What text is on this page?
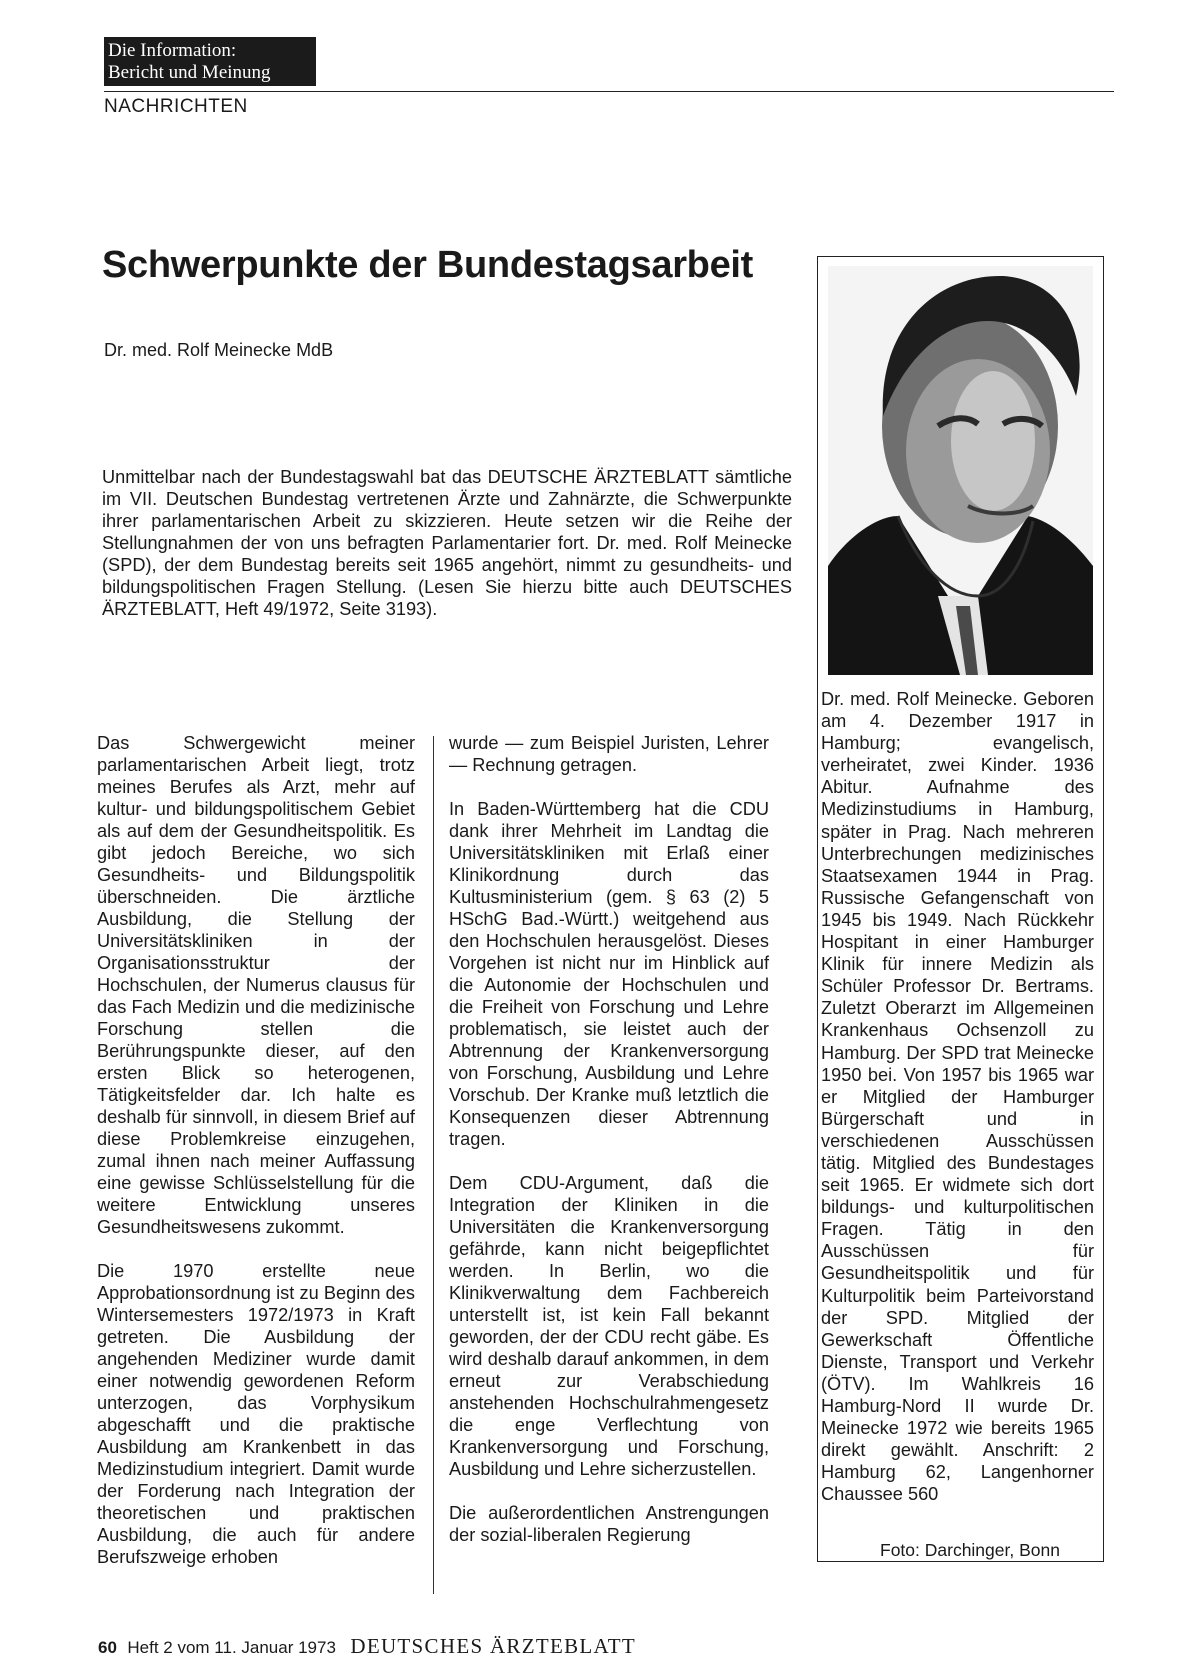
Die Information:
Bericht und Meinung
NACHRICHTEN
Schwerpunkte der Bundestagsarbeit
Dr. med. Rolf Meinecke MdB

Unmittelbar nach der Bundestagswahl bat das DEUTSCHE ÄRZTEBLATT sämtliche im VII. Deutschen Bundestag vertretenen Ärzte und Zahnärzte, die Schwerpunkte ihrer parlamentarischen Arbeit zu skizzieren. Heute setzen wir die Reihe der Stellungnahmen der von uns befragten Parlamentarier fort. Dr. med. Rolf Meinecke (SPD), der dem Bundestag bereits seit 1965 angehört, nimmt zu gesundheits- und bildungspolitischen Fragen Stellung. (Lesen Sie hierzu bitte auch DEUTSCHES ÄRZTEBLATT, Heft 49/1972, Seite 3193).

Das Schwergewicht meiner parlamentarischen Arbeit liegt, trotz meines Berufes als Arzt, mehr auf kultur- und bildungspolitischem Gebiet als auf dem der Gesundheitspolitik. Es gibt jedoch Bereiche, wo sich Gesundheits- und Bildungspolitik überschneiden. Die ärztliche Ausbildung, die Stellung der Universitätskliniken in der Organisationsstruktur der Hochschulen, der Numerus clausus für das Fach Medizin und die medizinische Forschung stellen die Berührungspunkte dieser, auf den ersten Blick so heterogenen, Tätigkeitsfelder dar. Ich halte es deshalb für sinnvoll, in diesem Brief auf diese Problemkreise einzugehen, zumal ihnen nach meiner Auffassung eine gewisse Schlüsselstellung für die weitere Entwicklung unseres Gesundheitswesens zukommt.

Die 1970 erstellte neue Approbationsordnung ist zu Beginn des Wintersemesters 1972/1973 in Kraft getreten. Die Ausbildung der angehenden Mediziner wurde damit einer notwendig gewordenen Reform unterzogen, das Vorphysikum abgeschafft und die praktische Ausbildung am Krankenbett in das Medizinstudium integriert. Damit wurde der Forderung nach Integration der theoretischen und praktischen Ausbildung, die auch für andere Berufszweige erhoben

wurde — zum Beispiel Juristen, Lehrer — Rechnung getragen.

In Baden-Württemberg hat die CDU dank ihrer Mehrheit im Landtag die Universitätskliniken mit Erlaß einer Klinikordnung durch das Kultusministerium (gem. § 63 (2) 5 HSchG Bad.-Württ.) weitgehend aus den Hochschulen herausgelöst. Dieses Vorgehen ist nicht nur im Hinblick auf die Autonomie der Hochschulen und die Freiheit von Forschung und Lehre problematisch, sie leistet auch der Abtrennung der Krankenversorgung von Forschung, Ausbildung und Lehre Vorschub. Der Kranke muß letztlich die Konsequenzen dieser Abtrennung tragen.

Dem CDU-Argument, daß die Integration der Kliniken in die Universitäten die Krankenversorgung gefährde, kann nicht beigepflichtet werden. In Berlin, wo die Klinikverwaltung dem Fachbereich unterstellt ist, ist kein Fall bekannt geworden, der der CDU recht gäbe. Es wird deshalb darauf ankommen, in dem erneut zur Verabschiedung anstehenden Hochschulrahmengesetz die enge Verflechtung von Krankenversorgung und Forschung, Ausbildung und Lehre sicherzustellen.

Die außerordentlichen Anstrengungen der sozial-liberalen Regierung

Dr. med. Rolf Meinecke. Geboren am 4. Dezember 1917 in Hamburg; evangelisch, verheiratet, zwei Kinder. 1936 Abitur. Aufnahme des Medizinstudiums in Hamburg, später in Prag. Nach mehreren Unterbrechungen medizinisches Staatsexamen 1944 in Prag. Russische Gefangenschaft von 1945 bis 1949. Nach Rückkehr Hospitant in einer Hamburger Klinik für innere Medizin als Schüler Professor Dr. Bertrams. Zuletzt Oberarzt im Allgemeinen Krankenhaus Ochsenzoll zu Hamburg. Der SPD trat Meinecke 1950 bei. Von 1957 bis 1965 war er Mitglied der Hamburger Bürgerschaft und in verschiedenen Ausschüssen tätig. Mitglied des Bundestages seit 1965. Er widmete sich dort bildungs- und kulturpolitischen Fragen. Tätig in den Ausschüssen für Gesundheitspolitik und für Kulturpolitik beim Parteivorstand der SPD. Mitglied der Gewerkschaft Öffentliche Dienste, Transport und Verkehr (ÖTV). Im Wahlkreis 16 Hamburg-Nord II wurde Dr. Meinecke 1972 wie bereits 1965 direkt gewählt. Anschrift: 2 Hamburg 62, Langenhorner Chaussee 560

Foto: Darchinger, Bonn
60 Heft 2 vom 11. Januar 1973 DEUTSCHES ÄRZTEBLATT
